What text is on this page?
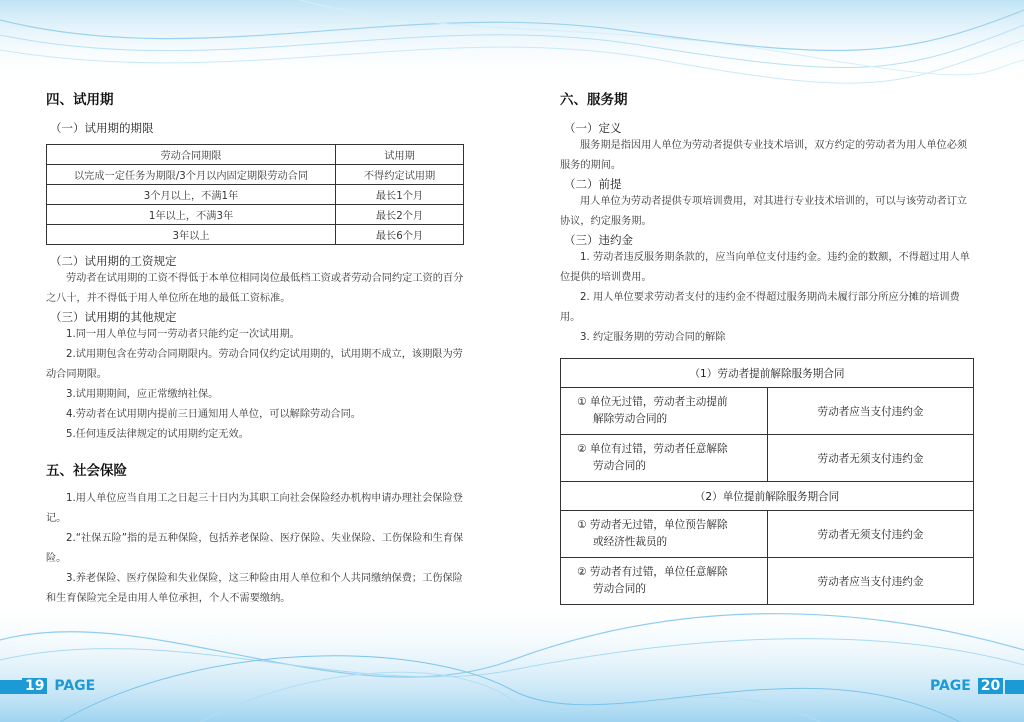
四、试用期
（一）试用期的期限
劳动合同期限	试用期
以完成一定任务为期限/3个月以内固定期限劳动合同	不得约定试用期
3个月以上，不满1年	最长1个月
1年以上，不满3年	最长2个月
3年以上	最长6个月
（二）试用期的工资规定

劳动者在试用期的工资不得低于本单位相同岗位最低档工资或者劳动合同约定工资的百分之八十，并不得低于用人单位所在地的最低工资标准。

（三）试用期的其他规定

1.同一用人单位与同一劳动者只能约定一次试用期。

2.试用期包含在劳动合同期限内。劳动合同仅约定试用期的，试用期不成立，该期限为劳动合同期限。

3.试用期期间，应正常缴纳社保。

4.劳动者在试用期内提前三日通知用人单位，可以解除劳动合同。

5.任何违反法律规定的试用期约定无效。

五、社会保险

1.用人单位应当自用工之日起三十日内为其职工向社会保险经办机构申请办理社会保险登记。

2.“社保五险”指的是五种保险，包括养老保险、医疗保险、失业保险、工伤保险和生育保险。

3.养老保险、医疗保险和失业保险，这三种险由用人单位和个人共同缴纳保费；工伤保险和生育保险完全是由用人单位承担，个人不需要缴纳。

六、服务期
（一）定义

服务期是指因用人单位为劳动者提供专业技术培训，双方约定的劳动者为用人单位必须服务的期间。

（二）前提

用人单位为劳动者提供专项培训费用，对其进行专业技术培训的，可以与该劳动者订立协议，约定服务期。

（三）违约金

1. 劳动者违反服务期条款的，应当向单位支付违约金。违约金的数额，不得超过用人单位提供的培训费用。

2. 用人单位要求劳动者支付的违约金不得超过服务期尚未履行部分所应分摊的培训费用。

3. 约定服务期的劳动合同的解除

（1）劳动者提前解除服务期合同	
① 单位无过错，劳动者主动提前
解除劳动合同的	劳动者应当支付违约金
② 单位有过错，劳动者任意解除
劳动合同的	劳动者无须支付违约金
（2）单位提前解除服务期合同	
① 劳动者无过错，单位预告解除
或经济性裁员的	劳动者无须支付违约金
② 劳动者有过错，单位任意解除
劳动合同的	劳动者应当支付违约金
19 PAGE	PAGE 20
